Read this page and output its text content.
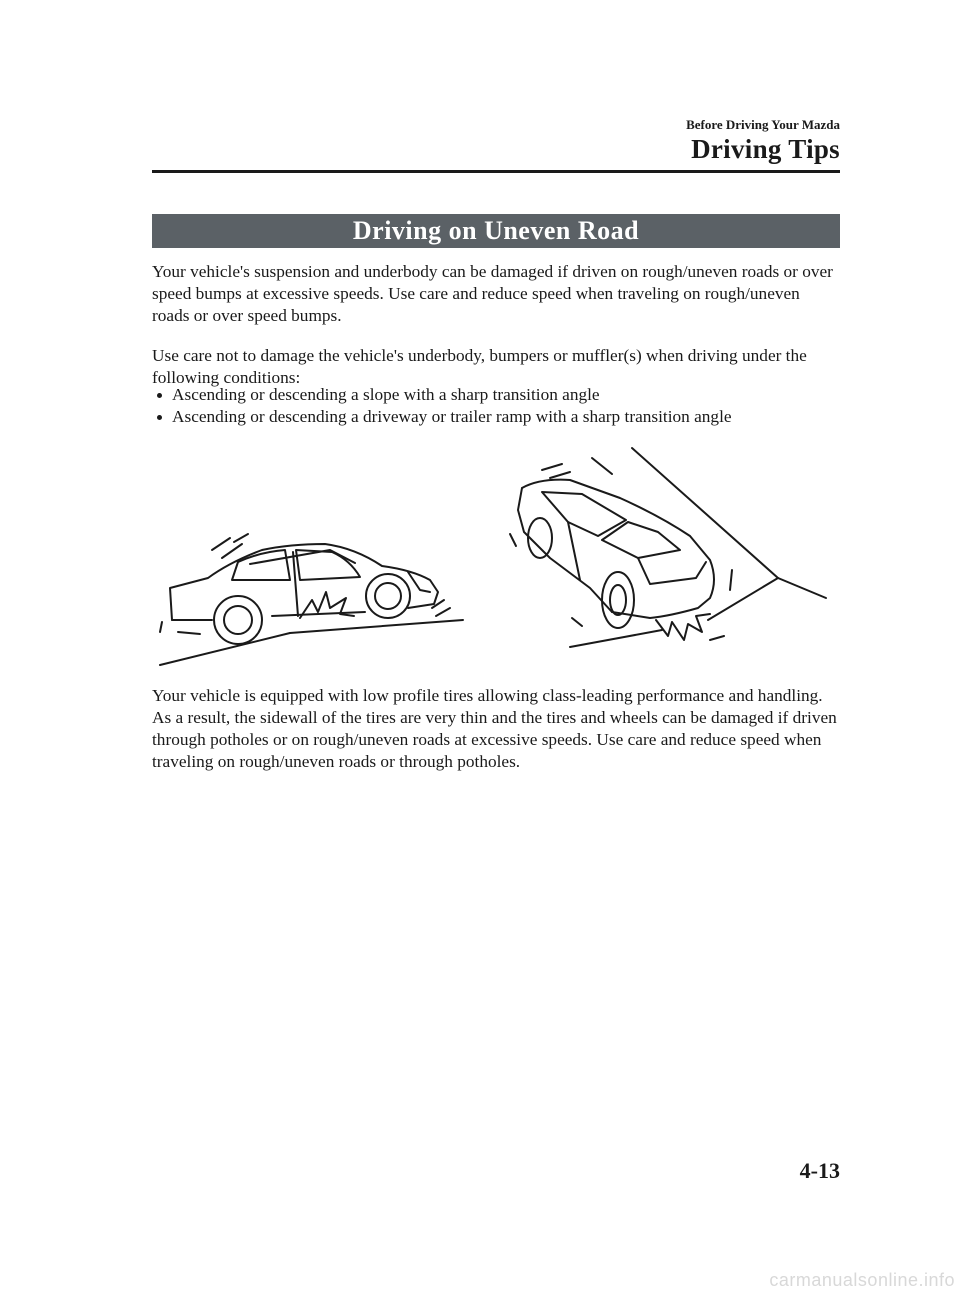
Before Driving Your Mazda
Driving Tips
Driving on Uneven Road

Your vehicle's suspension and underbody can be damaged if driven on rough/uneven roads or over speed bumps at excessive speeds. Use care and reduce speed when traveling on rough/uneven roads or over speed bumps.

Use care not to damage the vehicle's underbody, bumpers or muffler(s) when driving under the following conditions:

Ascending or descending a slope with a sharp transition angle
Ascending or descending a driveway or trailer ramp with a sharp transition angle

Your vehicle is equipped with low profile tires allowing class-leading performance and handling. As a result, the sidewall of the tires are very thin and the tires and wheels can be damaged if driven through potholes or on rough/uneven roads at excessive speeds. Use care and reduce speed when traveling on rough/uneven roads or through potholes.

4-13
carmanualsonline.info
